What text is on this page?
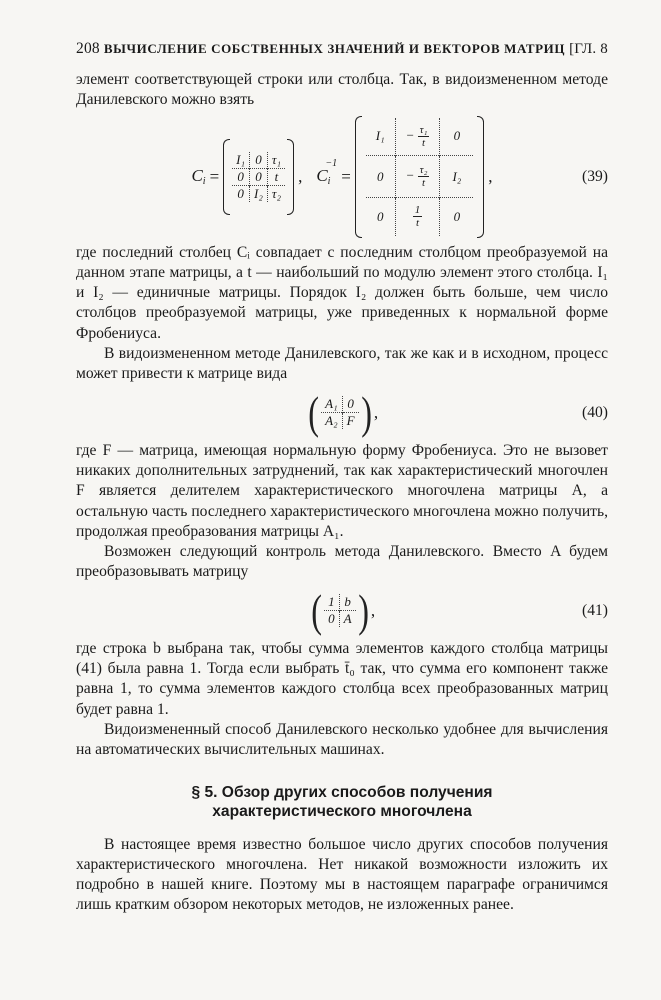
208 ВЫЧИСЛЕНИЕ СОБСТВЕННЫХ ЗНАЧЕНИЙ И ВЕКТОРОВ МАТРИЦ [ГЛ. 8

элемент соответствующей строки или столбца. Так, в видоизмененном методе Данилевского можно взять

$C_i$ =
I₁	0	τ₁
0	0	t
0	I₂	τ₂
, $C_i^{-1}$
=
I₁	− $\frac{\text{τ₁}}{t}$	0
0	− $\frac{\text{τ₂}}{t}$	I₂
0	$\frac{1}{t}$	0
,	(39)

где последний столбец Cᵢ совпадает с последним столбцом преобразуемой на данном этапе матрицы, а t — наибольший по модулю элемент этого столбца. I₁ и I₂ — единичные матрицы. Порядок I₂ должен быть больше, чем число столбцов преобразуемой матрицы, уже приведенных к нормальной форме Фробениуса.

В видоизмененном методе Данилевского, так же как и в исходном, процесс может привести к матрице вида

( A₁	0
A₂	F ) ,	(40)

где F — матрица, имеющая нормальную форму Фробениуса. Это не вызовет никаких дополнительных затруднений, так как характеристический многочлен F является делителем характеристического многочлена матрицы A, а остальную часть последнего характеристического многочлена можно получить, продолжая преобразования матрицы A₁.

Возможен следующий контроль метода Данилевского. Вместо A будем преобразовывать матрицу

( 1	b
0	A ) ,	(41)

где строка b выбрана так, чтобы сумма элементов каждого столбца матрицы (41) была равна 1. Тогда если выбрать t̄₀ так, что сумма его компонент также равна 1, то сумма элементов каждого столбца всех преобразованных матриц будет равна 1.

Видоизмененный способ Данилевского несколько удобнее для вычисления на автоматических вычислительных машинах.

§ 5. Обзор других способов получения
характеристического многочлена

В настоящее время известно большое число других способов получения характеристического многочлена. Нет никакой возможности изложить их подробно в нашей книге. Поэтому мы в настоящем параграфе ограничимся лишь кратким обзором некоторых методов, не изложенных ранее.
